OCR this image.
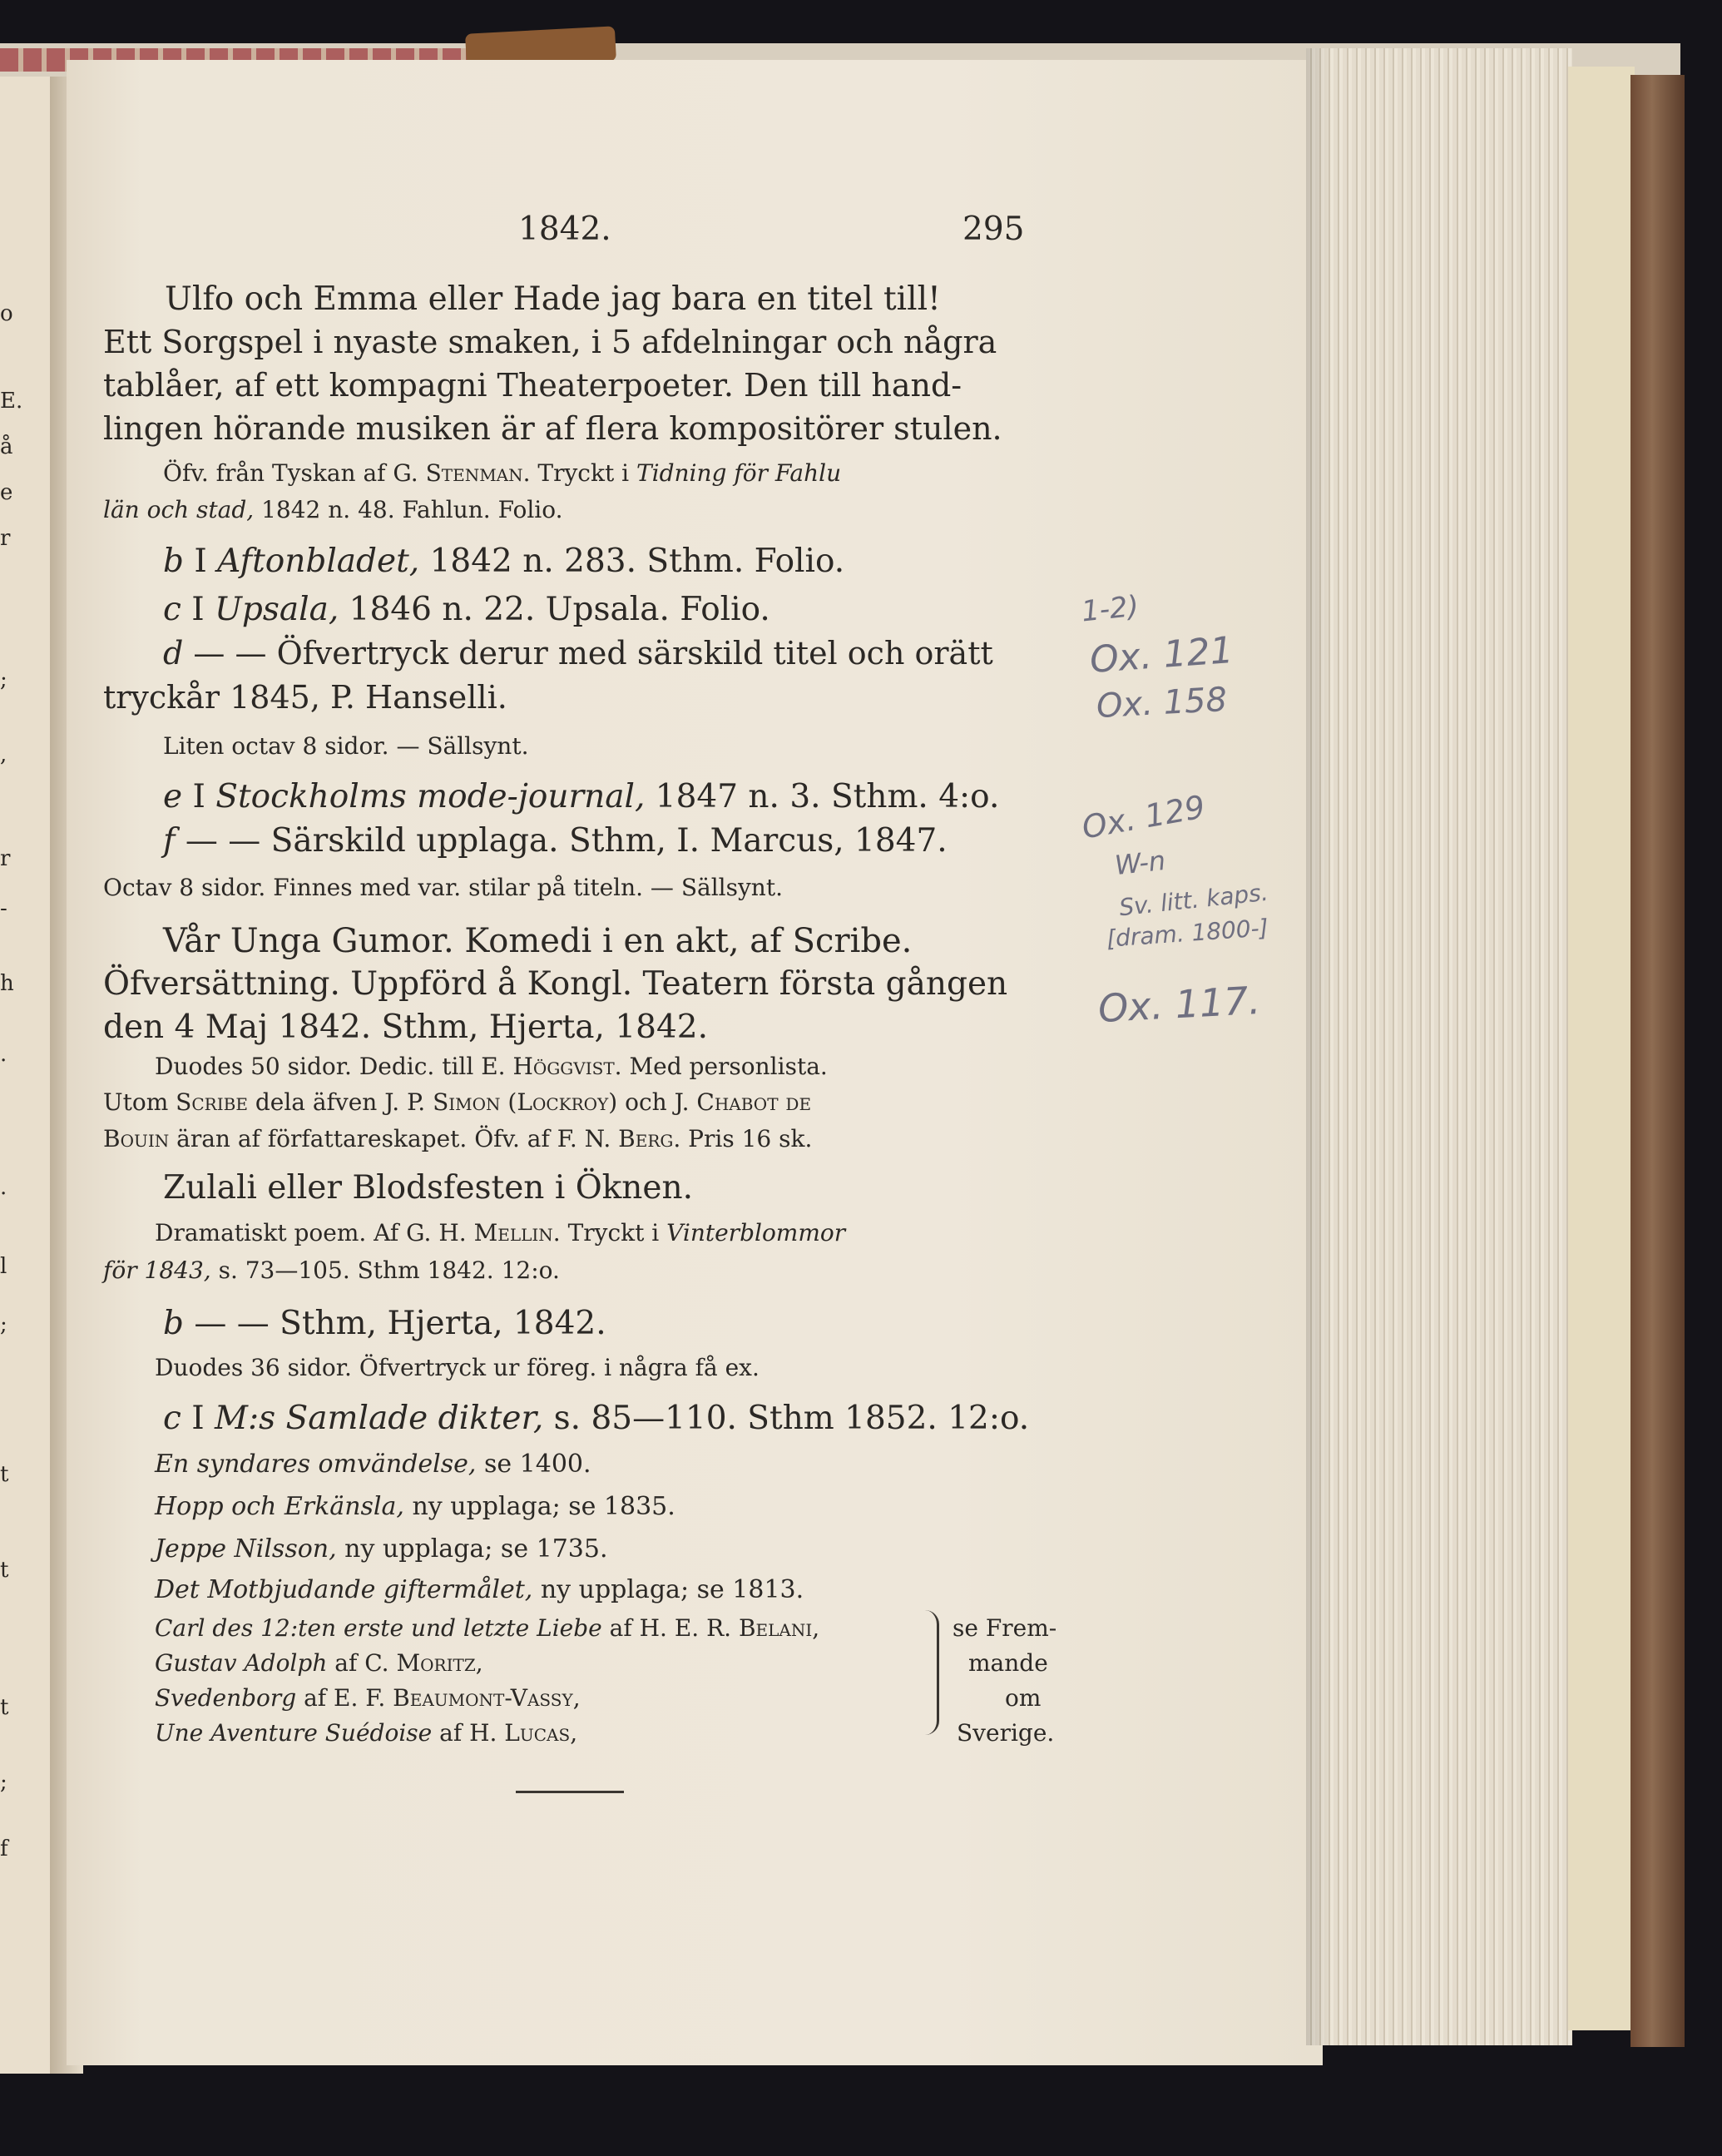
o
E.
å
e
r
;
,
r
-
h
.
.
l
;
t
t
t
;
f
1842.	295
Ulfo och Emma eller Hade jag bara en titel till!
Ett Sorgspel i nyaste smaken, i 5 afdelningar och några
tablåer, af ett kompagni Theaterpoeter. Den till hand-
lingen hörande musiken är af flera kompositörer stulen.
Öfv. från Tyskan af G. Stenman. Tryckt i Tidning för Fahlu
län och stad, 1842 n. 48. Fahlun. Folio.
b I Aftonbladet, 1842 n. 283. Sthm. Folio.
c I Upsala, 1846 n. 22. Upsala. Folio.
d — — Öfvertryck derur med särskild titel och orätt
tryckår 1845, P. Hanselli.
Liten octav 8 sidor. — Sällsynt.
e I Stockholms mode-journal, 1847 n. 3. Sthm. 4:o.
f — — Särskild upplaga. Sthm, I. Marcus, 1847.
Octav 8 sidor. Finnes med var. stilar på titeln. — Sällsynt.
Vår Unga Gumor. Komedi i en akt, af Scribe.
Öfversättning. Uppförd å Kongl. Teatern första gången
den 4 Maj 1842. Sthm, Hjerta, 1842.
Duodes 50 sidor. Dedic. till E. Höggvist. Med personlista.
Utom Scribe dela äfven J. P. Simon (Lockroy) och J. Chabot de
Bouin äran af författareskapet. Öfv. af F. N. Berg. Pris 16 sk.
Zulali eller Blodsfesten i Öknen.
Dramatiskt poem. Af G. H. Mellin. Tryckt i Vinterblommor
för 1843, s. 73—105. Sthm 1842. 12:o.
b — — Sthm, Hjerta, 1842.
Duodes 36 sidor. Öfvertryck ur föreg. i några få ex.
c I M:s Samlade dikter, s. 85—110. Sthm 1852. 12:o.
En syndares omvändelse, se 1400.
Hopp och Erkänsla, ny upplaga; se 1835.
Jeppe Nilsson, ny upplaga; se 1735.
Det Motbjudande giftermålet, ny upplaga; se 1813.
Carl des 12:ten erste und letzte Liebe af H. E. R. Belani,
Gustav Adolph af C. Moritz,
Svedenborg af E. F. Beaumont-Vassy,
Une Aventure Suédoise af H. Lucas,
se Frem-
mande
om
Sverige.
1-2)
Ox. 121
Ox. 158
Ox. 129
W-n
Sv. litt. kaps.
[dram. 1800-]
Ox. 117.
